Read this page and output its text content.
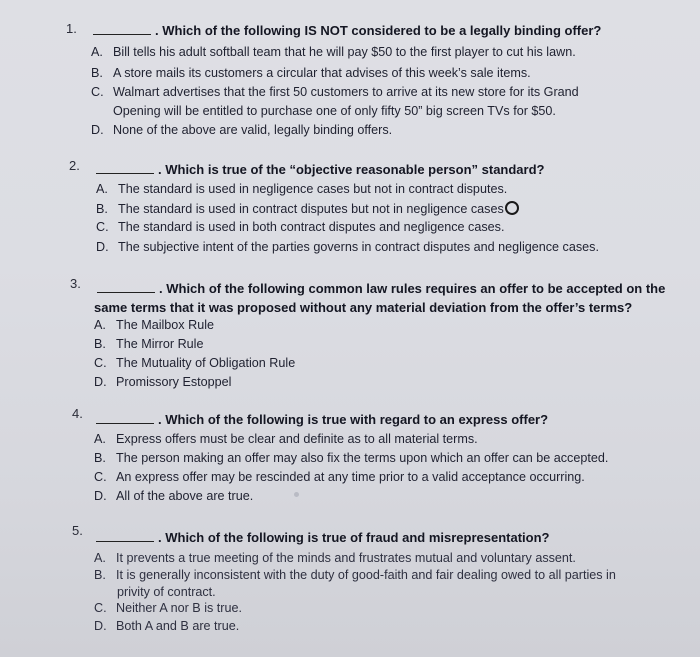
1.	. Which of the following IS NOT considered to be a legally binding offer?
A. Bill tells his adult softball team that he will pay $50 to the first player to cut his lawn.
B. A store mails its customers a circular that advises of this week’s sale items.
C. Walmart advertises that the first 50 customers to arrive at its new store for its Grand
Opening will be entitled to purchase one of only fifty 50” big screen TVs for $50.
D. None of the above are valid, legally binding offers.
2.	. Which is true of the “objective reasonable person” standard?
A. The standard is used in negligence cases but not in contract disputes.
B. The standard is used in contract disputes but not in negligence cases
C. The standard is used in both contract disputes and negligence cases.
D. The subjective intent of the parties governs in contract disputes and negligence cases.
3.	. Which of the following common law rules requires an offer to be accepted on the
same terms that it was proposed without any material deviation from the offer’s terms?
A. The Mailbox Rule
B. The Mirror Rule
C. The Mutuality of Obligation Rule
D. Promissory Estoppel
4.	. Which of the following is true with regard to an express offer?
A. Express offers must be clear and definite as to all material terms.
B. The person making an offer may also fix the terms upon which an offer can be accepted.
C. An express offer may be rescinded at any time prior to a valid acceptance occurring.
D. All of the above are true.
5.	. Which of the following is true of fraud and misrepresentation?
A. It prevents a true meeting of the minds and frustrates mutual and voluntary assent.
B. It is generally inconsistent with the duty of good-faith and fair dealing owed to all parties in
privity of contract.
C. Neither A nor B is true.
D. Both A and B are true.
